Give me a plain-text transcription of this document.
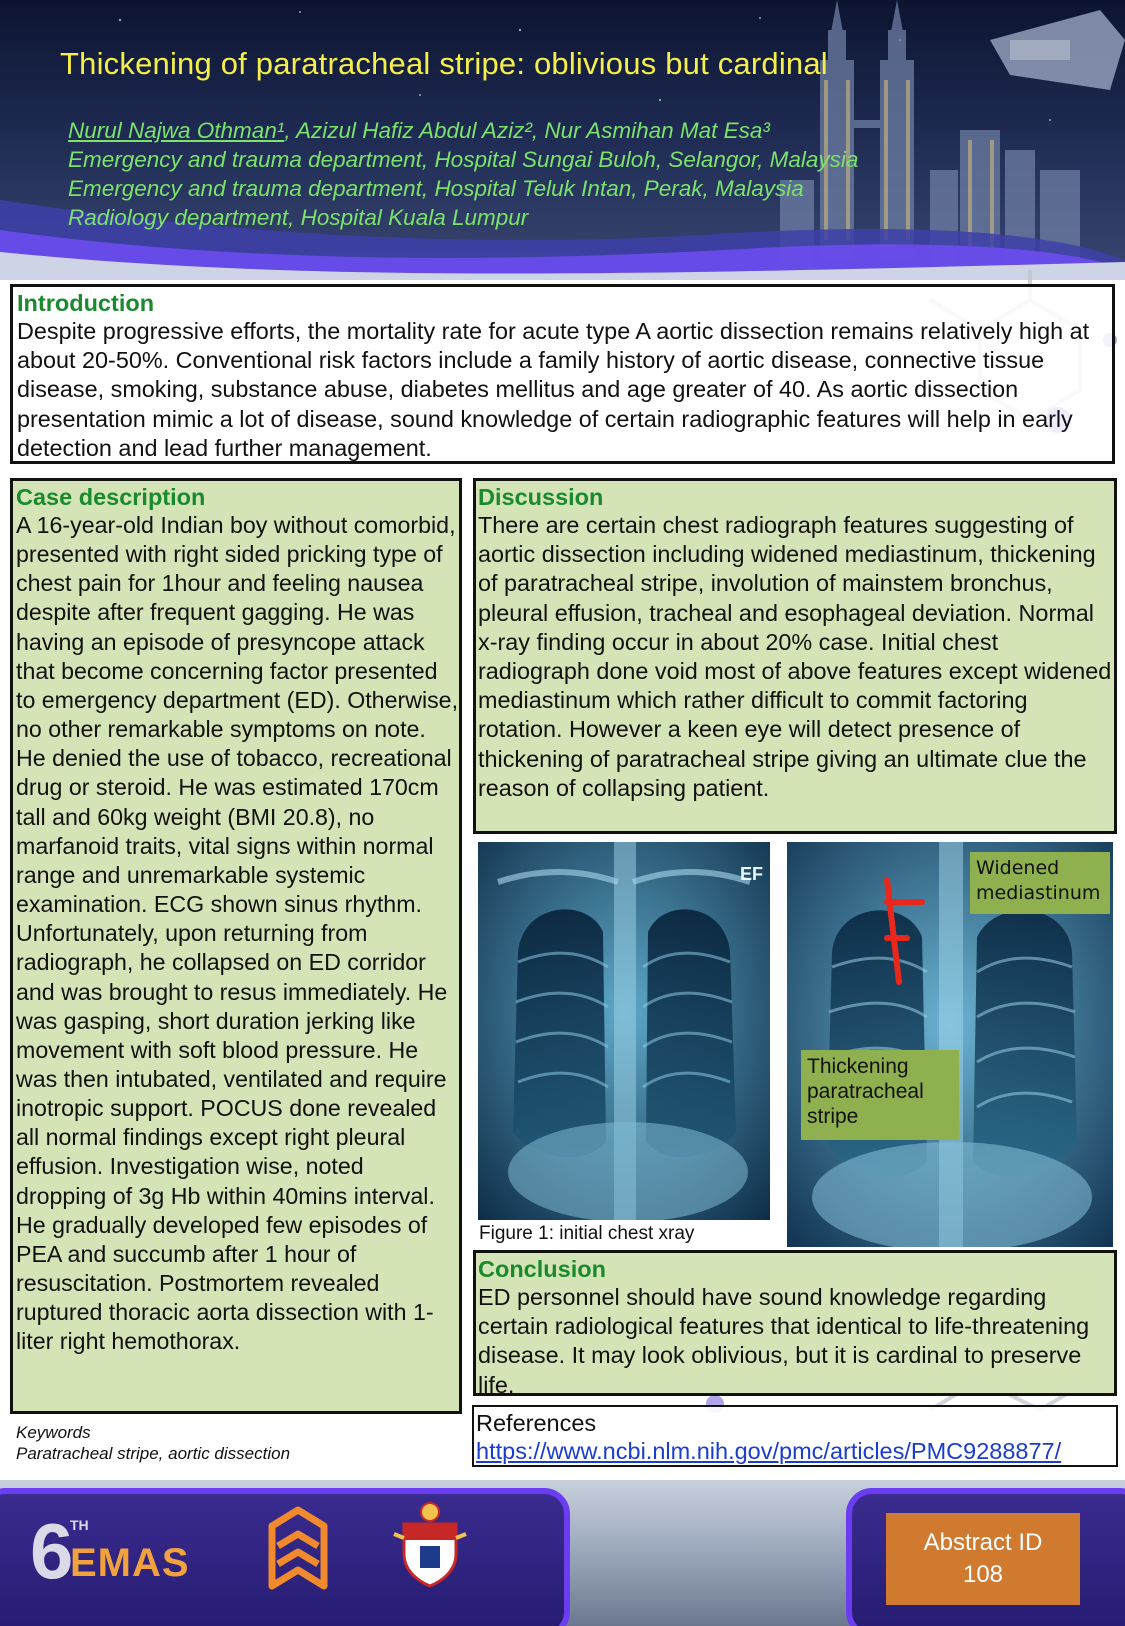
Thickening of paratracheal stripe: oblivious but cardinal
Nurul Najwa Othman¹, Azizul Hafiz Abdul Aziz², Nur Asmihan Mat Esa³
Emergency and trauma department, Hospital Sungai Buloh, Selangor, Malaysia
Emergency and trauma department, Hospital Teluk Intan, Perak, Malaysia
Radiology department, Hospital Kuala Lumpur
Introduction

Despite progressive efforts, the mortality rate for acute type A aortic dissection remains relatively high at about 20-50%. Conventional risk factors include a family history of aortic disease, connective tissue disease, smoking, substance abuse, diabetes mellitus and age greater of 40. As aortic dissection presentation mimic a lot of disease, sound knowledge of certain radiographic features will help in early detection and lead further management.

Case description

A 16-year-old Indian boy without comorbid, presented with right sided pricking type of chest pain for 1hour and feeling nausea despite after frequent gagging. He was having an episode of presyncope attack that become concerning factor presented to emergency department (ED). Otherwise, no other remarkable symptoms on note. He denied the use of tobacco, recreational drug or steroid. He was estimated 170cm tall and 60kg weight (BMI 20.8), no marfanoid traits, vital signs within normal range and unremarkable systemic examination. ECG shown sinus rhythm. Unfortunately, upon returning from radiograph, he collapsed on ED corridor and was brought to resus immediately. He was gasping, short duration jerking like movement with soft blood pressure. He was then intubated, ventilated and require inotropic support. POCUS done revealed all normal findings except right pleural effusion. Investigation wise, noted dropping of 3g Hb within 40mins interval. He gradually developed few episodes of PEA and succumb after 1 hour of resuscitation. Postmortem revealed ruptured thoracic aorta dissection with 1-liter right hemothorax.

Discussion

There are certain chest radiograph features suggesting of aortic dissection including widened mediastinum, thickening of paratracheal stripe, involution of mainstem bronchus, pleural effusion, tracheal and esophageal deviation. Normal x-ray finding occur in about 20% case. Initial chest radiograph done void most of above features except widened mediastinum which rather difficult to commit factoring rotation. However a keen eye will detect presence of thickening of paratracheal stripe giving an ultimate clue the reason of collapsing patient.

EF
Figure 1: initial chest xray
Widened mediastinum
Thickening paratracheal stripe
Conclusion

ED personnel should have sound knowledge regarding certain radiological features that identical to life-threatening disease. It may look oblivious, but it is cardinal to preserve life.

References
https://www.ncbi.nlm.nih.gov/pmc/articles/PMC9288877/
Keywords
Paratracheal stripe, aortic dissection
6
TH
EMAS	Abstract ID
108
